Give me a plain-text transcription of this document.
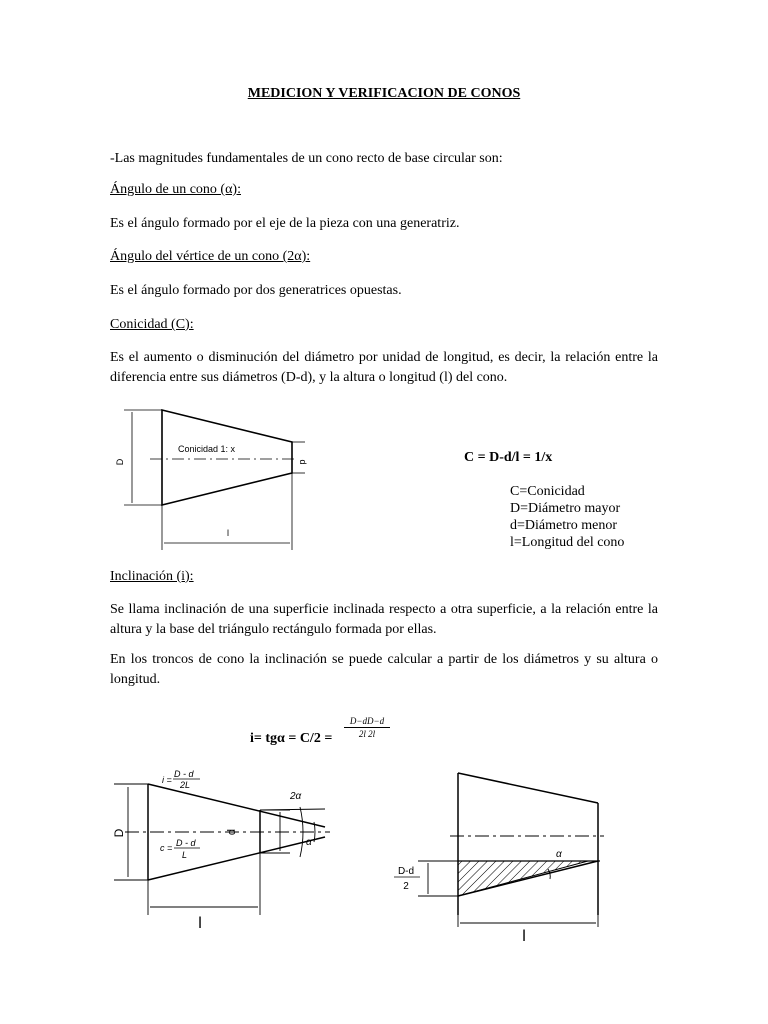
MEDICION Y VERIFICACION DE CONOS
-Las magnitudes fundamentales de un cono recto de base circular son:
Ángulo de un cono (α):
Es el ángulo formado por el eje de la pieza con una generatriz.
Ángulo del vértice de un cono (2α):
Es el ángulo formado por dos generatrices opuestas.
Conicidad (C):
Es el aumento o disminución del diámetro por unidad de longitud, es decir, la relación entre la diferencia entre sus diámetros (D-d), y la altura o longitud (l) del cono.
Conicidad 1: x
D	d
l
C = D-d/l = 1/x
C=Conicidad
D=Diámetro mayor
d=Diámetro menor
l=Longitud del cono
Inclinación (i):
Se llama inclinación de una superficie inclinada respecto a otra superficie, a la relación entre la altura y la base del triángulo rectángulo formada por ellas.
En los troncos de cono la inclinación se puede calcular a partir de los diámetros y su altura o longitud.
$i= tg\alpha = C/2 = \frac{D-dD-d}{2l 2l}$
D	d
i =
D - d
2L
c = D - d
L
2α
α
l
D-d
2
α
l
